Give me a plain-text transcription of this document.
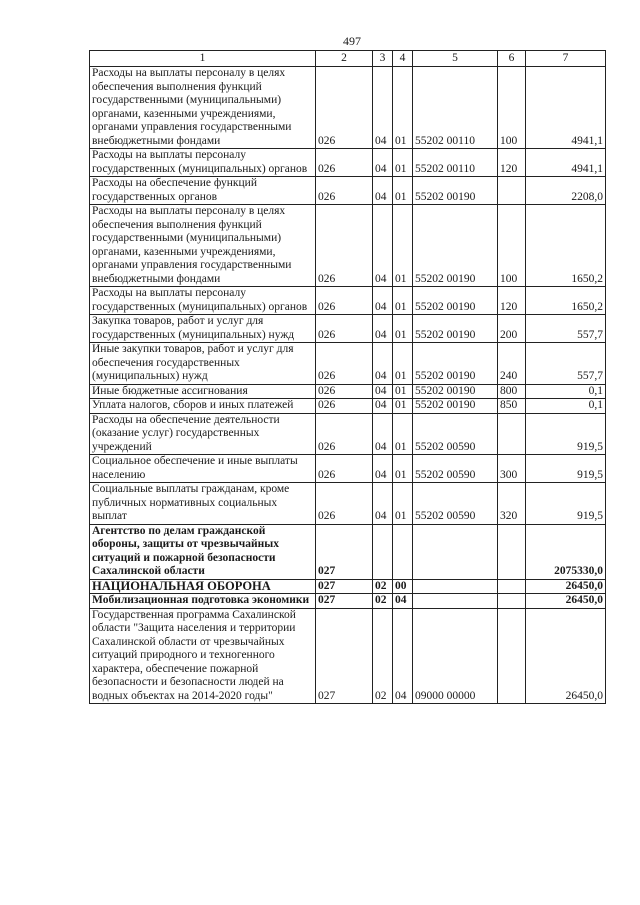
497
1	2	3	4	5	6	7
Расходы на выплаты персоналу в целях обеспечения выполнения функций государственными (муниципальными) органами, казенными учреждениями, органами управления государственными внебюджетными фондами	026	04	01	55202 00110	100	4941,1
Расходы на выплаты персоналу государственных (муниципальных) органов	026	04	01	55202 00110	120	4941,1
Расходы на обеспечение функций государственных органов	026	04	01	55202 00190		2208,0
Расходы на выплаты персоналу в целях обеспечения выполнения функций государственными (муниципальными) органами, казенными учреждениями, органами управления государственными внебюджетными фондами	026	04	01	55202 00190	100	1650,2
Расходы на выплаты персоналу государственных (муниципальных) органов	026	04	01	55202 00190	120	1650,2
Закупка товаров, работ и услуг для государственных (муниципальных) нужд	026	04	01	55202 00190	200	557,7
Иные закупки товаров, работ и услуг для обеспечения государственных (муниципальных) нужд	026	04	01	55202 00190	240	557,7
Иные бюджетные ассигнования	026	04	01	55202 00190	800	0,1
Уплата налогов, сборов и иных платежей	026	04	01	55202 00190	850	0,1
Расходы на обеспечение деятельности (оказание услуг) государственных учреждений	026	04	01	55202 00590		919,5
Социальное обеспечение и иные выплаты населению	026	04	01	55202 00590	300	919,5
Социальные выплаты гражданам, кроме публичных нормативных социальных выплат	026	04	01	55202 00590	320	919,5
Агентство по делам гражданской обороны, защиты от чрезвычайных ситуаций и пожарной безопасности Сахалинской области	027					2075330,0
НАЦИОНАЛЬНАЯ ОБОРОНА	027	02	00			26450,0
Мобилизационная подготовка экономики	027	02	04			26450,0
Государственная программа Сахалинской области "Защита населения и территории Сахалинской области от чрезвычайных ситуаций природного и техногенного характера, обеспечение пожарной безопасности и безопасности людей на водных объектах на 2014-2020 годы"	027	02	04	09000 00000		26450,0
